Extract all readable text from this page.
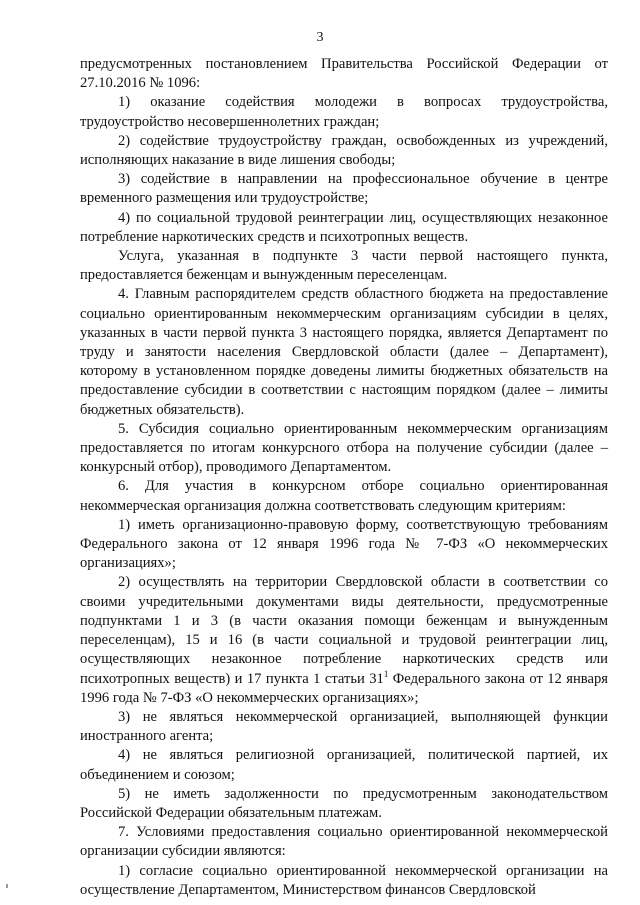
3

предусмотренных постановлением Правительства Российской Федерации от 27.10.2016 № 1096:

1) оказание содействия молодежи в вопросах трудоустройства, трудоустройство несовершеннолетних граждан;

2) содействие трудоустройству граждан, освобожденных из учреждений, исполняющих наказание в виде лишения свободы;

3) содействие в направлении на профессиональное обучение в центре временного размещения или трудоустройстве;

4) по социальной трудовой реинтеграции лиц, осуществляющих незаконное потребление наркотических средств и психотропных веществ.

Услуга, указанная в подпункте 3 части первой настоящего пункта, предоставляется беженцам и вынужденным переселенцам.

4. Главным распорядителем средств областного бюджета на предоставление социально ориентированным некоммерческим организациям субсидии в целях, указанных в части первой пункта 3 настоящего порядка, является Департамент по труду и занятости населения Свердловской области (далее – Департамент), которому в установленном порядке доведены лимиты бюджетных обязательств на предоставление субсидии в соответствии с настоящим порядком (далее – лимиты бюджетных обязательств).

5. Субсидия социально ориентированным некоммерческим организациям предоставляется по итогам конкурсного отбора на получение субсидии (далее – конкурсный отбор), проводимого Департаментом.

6. Для участия в конкурсном отборе социально ориентированная некоммерческая организация должна соответствовать следующим критериям:

1) иметь организационно-правовую форму, соответствующую требованиям Федерального закона от 12 января 1996 года № 7-ФЗ «О некоммерческих организациях»;

2) осуществлять на территории Свердловской области в соответствии со своими учредительными документами виды деятельности, предусмотренные подпунктами 1 и 3 (в части оказания помощи беженцам и вынужденным переселенцам), 15 и 16 (в части социальной и трудовой реинтеграции лиц, осуществляющих незаконное потребление наркотических средств или психотропных веществ) и 17 пункта 1 статьи $31^1$ Федерального закона от 12 января 1996 года № 7-ФЗ «О некоммерческих организациях»;

3) не являться некоммерческой организацией, выполняющей функции иностранного агента;

4) не являться религиозной организацией, политической партией, их объединением и союзом;

5) не иметь задолженности по предусмотренным законодательством Российской Федерации обязательным платежам.

7. Условиями предоставления социально ориентированной некоммерческой организации субсидии являются:

1) согласие социально ориентированной некоммерческой организации на осуществление Департаментом, Министерством финансов Свердловской
